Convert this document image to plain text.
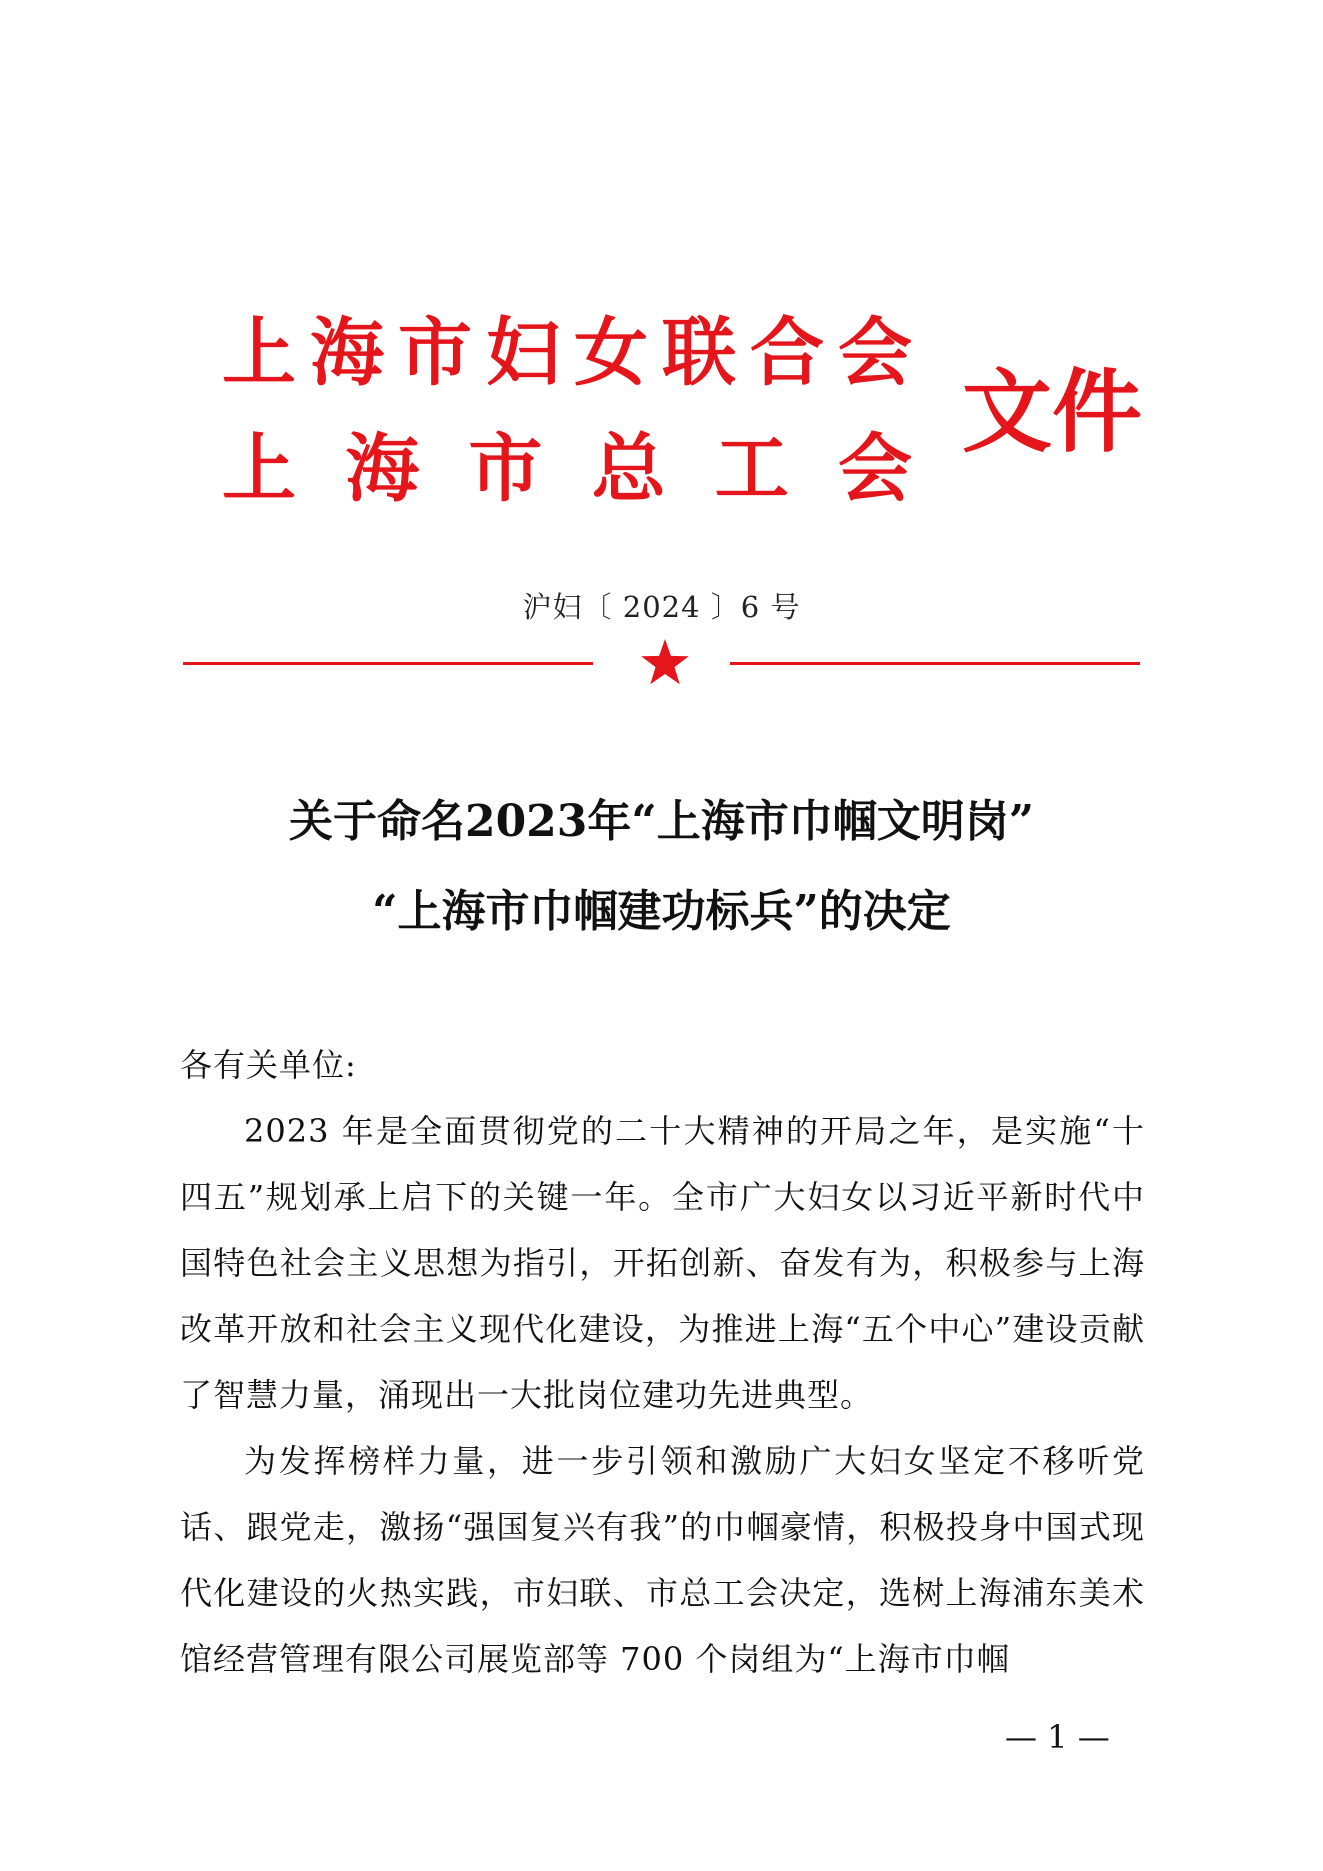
上海市妇女联合会
上海市总工会
文件
沪妇〔 2024 〕6 号
关于命名2023年“上海市巾帼文明岗”
“上海市巾帼建功标兵”的决定
各有关单位:

2023 年是全面贯彻党的二十大精神的开局之年，是实施“十四五”规划承上启下的关键一年。全市广大妇女以习近平新时代中国特色社会主义思想为指引，开拓创新、奋发有为，积极参与上海改革开放和社会主义现代化建设，为推进上海“五个中心”建设贡献了智慧力量，涌现出一大批岗位建功先进典型。

为发挥榜样力量，进一步引领和激励广大妇女坚定不移听党话、跟党走，激扬“强国复兴有我”的巾帼豪情，积极投身中国式现代化建设的火热实践，市妇联、市总工会决定，选树上海浦东美术馆经营管理有限公司展览部等 700 个岗组为“上海市巾帼

— 1 —
